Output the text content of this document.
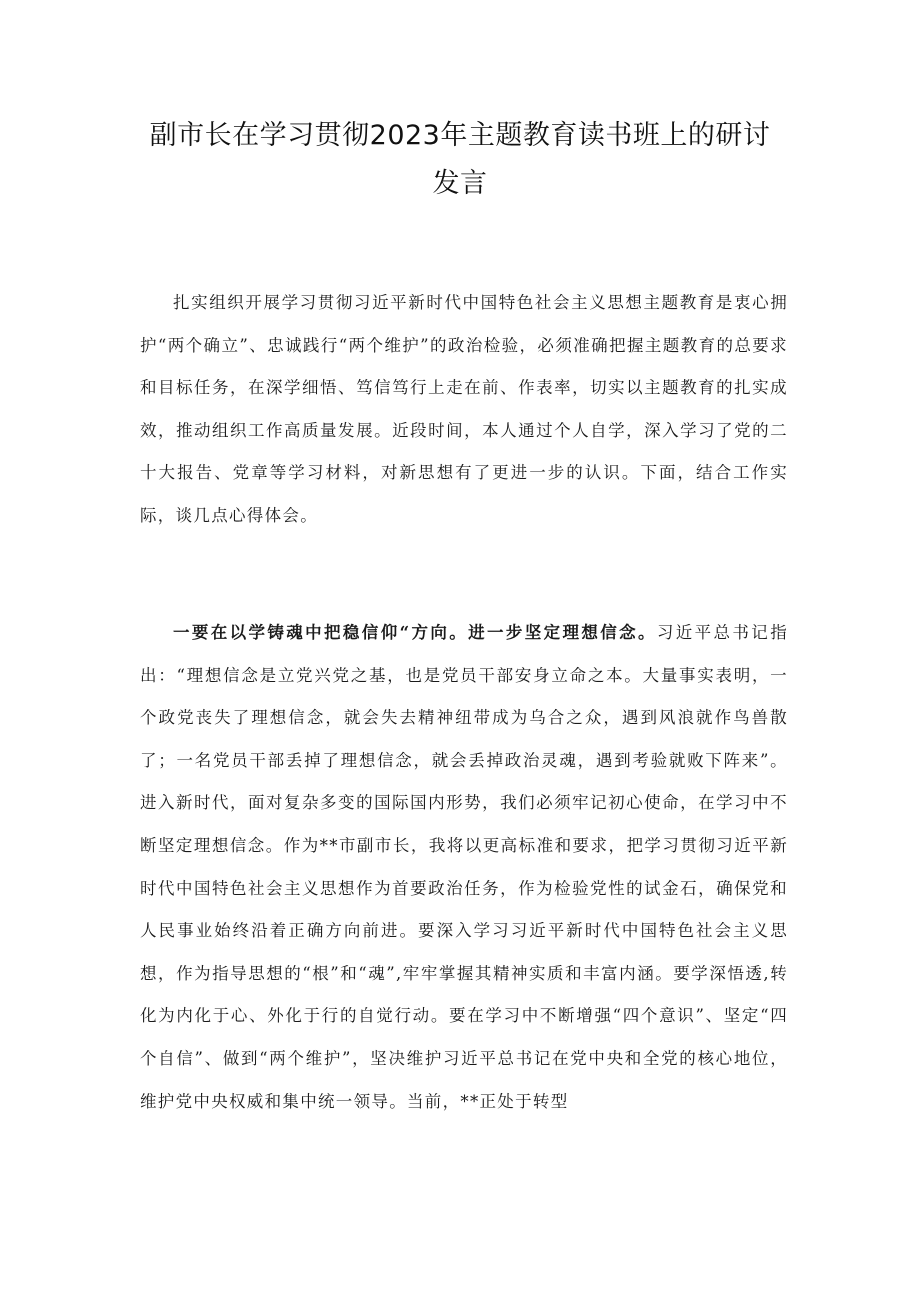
副市长在学习贯彻2023年主题教育读书班上的研讨
发言

扎实组织开展学习贯彻习近平新时代中国特色社会主义思想主题教育是衷心拥护“两个确立”、忠诚践行“两个维护”的政治检验，必须准确把握主题教育的总要求和目标任务，在深学细悟、笃信笃行上走在前、作表率，切实以主题教育的扎实成效，推动组织工作高质量发展。近段时间，本人通过个人自学，深入学习了党的二十大报告、党章等学习材料，对新思想有了更进一步的认识。下面，结合工作实际，谈几点心得体会。

一要在以学铸魂中把稳信仰“方向。进一步坚定理想信念。习近平总书记指出：“理想信念是立党兴党之基，也是党员干部安身立命之本。大量事实表明，一个政党丧失了理想信念，就会失去精神纽带成为乌合之众，遇到风浪就作鸟兽散了；一名党员干部丢掉了理想信念，就会丢掉政治灵魂，遇到考验就败下阵来”。进入新时代，面对复杂多变的国际国内形势，我们必须牢记初心使命，在学习中不断坚定理想信念。作为**市副市长，我将以更高标准和要求，把学习贯彻习近平新时代中国特色社会主义思想作为首要政治任务，作为检验党性的试金石，确保党和人民事业始终沿着正确方向前进。要深入学习习近平新时代中国特色社会主义思想，作为指导思想的“根”和“魂”,牢牢掌握其精神实质和丰富内涵。要学深悟透,转化为内化于心、外化于行的自觉行动。要在学习中不断增强“四个意识”、坚定“四个自信”、做到“两个维护”，坚决维护习近平总书记在党中央和全党的核心地位，维护党中央权威和集中统一领导。当前，**正处于转型
